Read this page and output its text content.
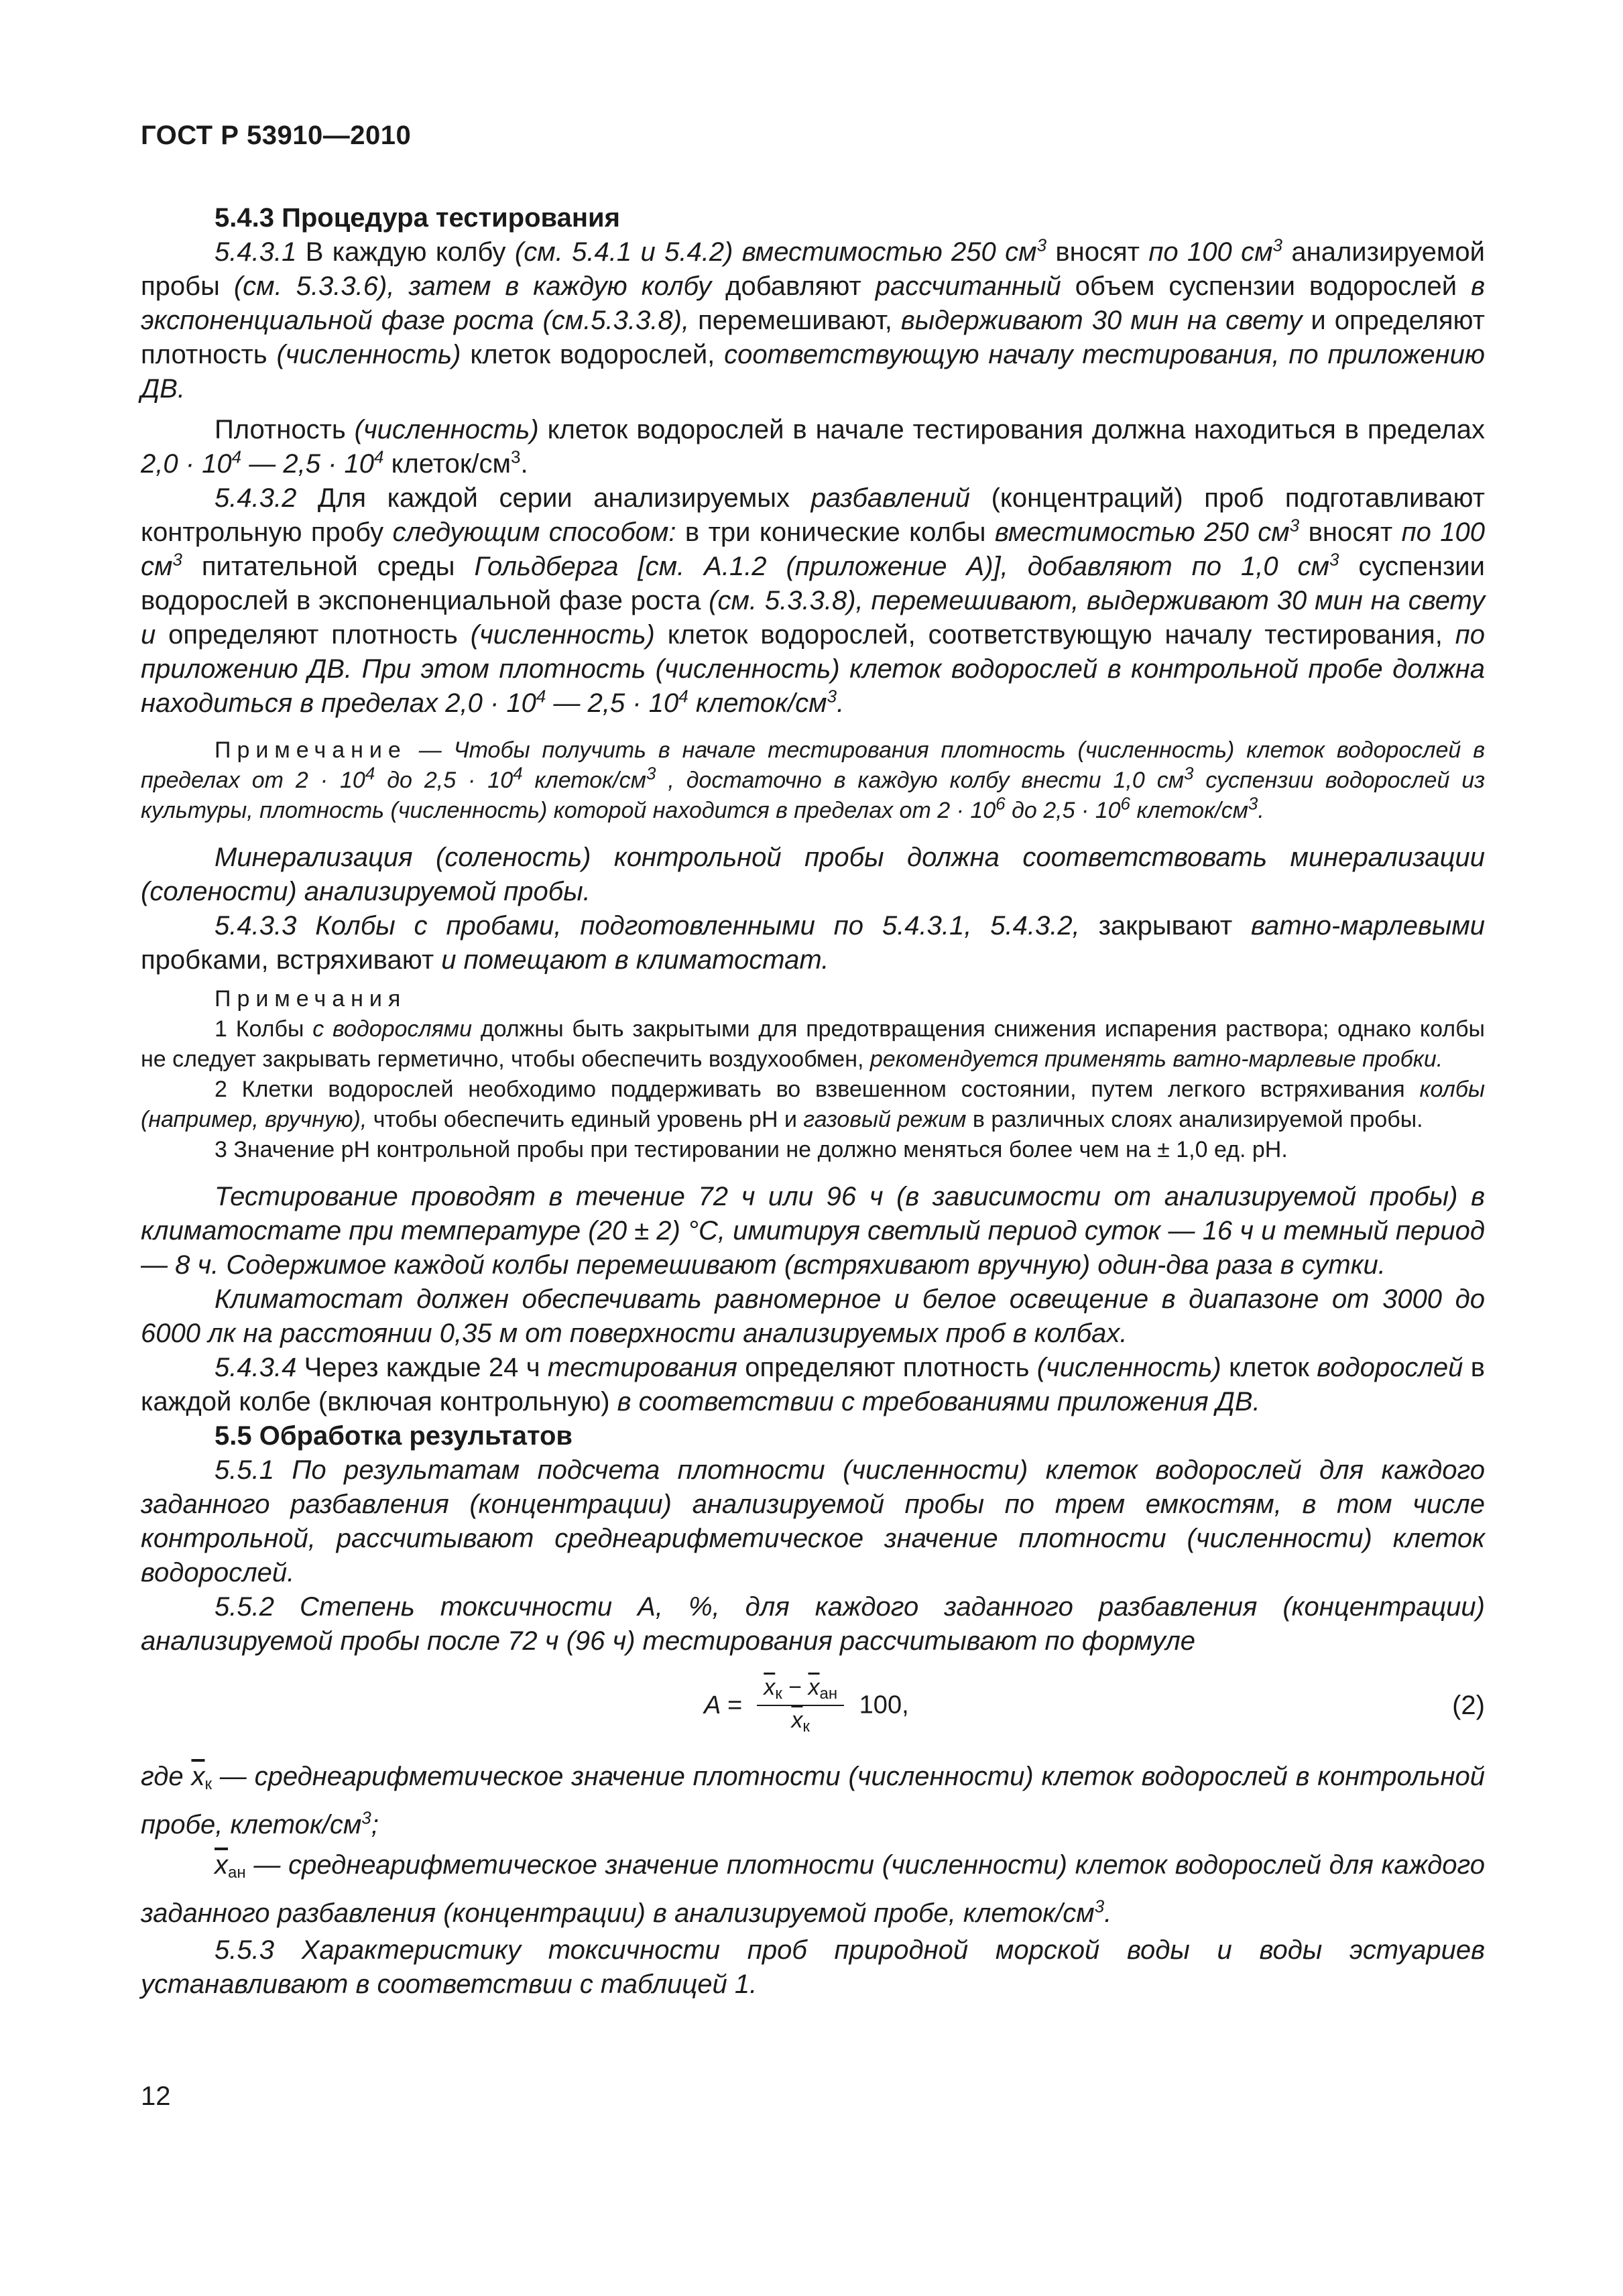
ГОСТ Р 53910—2010

5.4.3 Процедура тестирования

5.4.3.1 В каждую колбу (см. 5.4.1 и 5.4.2) вместимостью 250 $см^3$ вносят по 100 $см^3$ анализируемой пробы (см. 5.3.3.6), затем в каждую колбу добавляют рассчитанный объем суспензии водорослей в экспоненциальной фазе роста (см.5.3.3.8), перемешивают, выдерживают 30 мин на свету и определяют плотность (численность) клеток водорослей, соответствующую началу тестирования, по приложению ДВ.

Плотность (численность) клеток водорослей в начале тестирования должна находиться в пределах $2,0 \cdot 10^4$ — $2,5 \cdot 10^4$ клеток/$см^3$.

5.4.3.2 Для каждой серии анализируемых разбавлений (концентраций) проб подготавливают контрольную пробу следующим способом: в три конические колбы вместимостью 250 $см^3$ вносят по 100 $см^3$ питательной среды Гольдберга [см. А.1.2 (приложение А)], добавляют по 1,0 $см^3$ суспензии водорослей в экспоненциальной фазе роста (см. 5.3.3.8), перемешивают, выдерживают 30 мин на свету и определяют плотность (численность) клеток водорослей, соответствующую началу тестирования, по приложению ДВ. При этом плотность (численность) клеток водорослей в контрольной пробе должна находиться в пределах $2,0 \cdot 10^4$ — $2,5 \cdot 10^4$ клеток/$см^3$.

Примечание — Чтобы получить в начале тестирования плотность (численность) клеток водорослей в пределах от $2 \cdot 10^4$ до $2,5 \cdot 10^4$ клеток/$см^3$ , достаточно в каждую колбу внести 1,0 $см^3$ суспензии водорослей из культуры, плотность (численность) которой находится в пределах от $2 \cdot 10^6$ до $2,5 \cdot 10^6$ клеток/$см^3$.

Минерализация (соленость) контрольной пробы должна соответствовать минерализации (солености) анализируемой пробы.

5.4.3.3 Колбы с пробами, подготовленными по 5.4.3.1, 5.4.3.2, закрывают ватно-марлевыми пробками, встряхивают и помещают в климатостат.

Примечания

1 Колбы с водорослями должны быть закрытыми для предотвращения снижения испарения раствора; однако колбы не следует закрывать герметично, чтобы обеспечить воздухообмен, рекомендуется применять ватно-марлевые пробки.

2 Клетки водорослей необходимо поддерживать во взвешенном состоянии, путем легкого встряхивания колбы (например, вручную), чтобы обеспечить единый уровень pH и газовый режим в различных слоях анализируемой пробы.

3 Значение pH контрольной пробы при тестировании не должно меняться более чем на ± 1,0 ед. pH.

Тестирование проводят в течение 72 ч или 96 ч (в зависимости от анализируемой пробы) в климатостате при температуре (20 ± 2) °С, имитируя светлый период суток — 16 ч и темный период — 8 ч. Содержимое каждой колбы перемешивают (встряхивают вручную) один-два раза в сутки.

Климатостат должен обеспечивать равномерное и белое освещение в диапазоне от 3000 до 6000 лк на расстоянии 0,35 м от поверхности анализируемых проб в колбах.

5.4.3.4 Через каждые 24 ч тестирования определяют плотность (численность) клеток водорослей в каждой колбе (включая контрольную) в соответствии с требованиями приложения ДВ.

5.5 Обработка результатов

5.5.1 По результатам подсчета плотности (численности) клеток водорослей для каждого заданного разбавления (концентрации) анализируемой пробы по трем емкостям, в том числе контрольной, рассчитывают среднеарифметическое значение плотности (численности) клеток водорослей.

5.5.2 Степень токсичности А, %, для каждого заданного разбавления (концентрации) анализируемой пробы после 72 ч (96 ч) тестирования рассчитывают по формуле

$A = \frac{\overline{x}_к - \overline{x}_{ан}}{\overline{x}_к} 100$,	(2)

где $\overline{x}_к$ — среднеарифметическое значение плотности (численности) клеток водорослей в контрольной пробе, клеток/$см^3$;

$\overline{x}_{ан}$ — среднеарифметическое значение плотности (численности) клеток водорослей для каждого заданного разбавления (концентрации) в анализируемой пробе, клеток/$см^3$.

5.5.3 Характеристику токсичности проб природной морской воды и воды эстуариев устанавливают в соответствии с таблицей 1.

12
